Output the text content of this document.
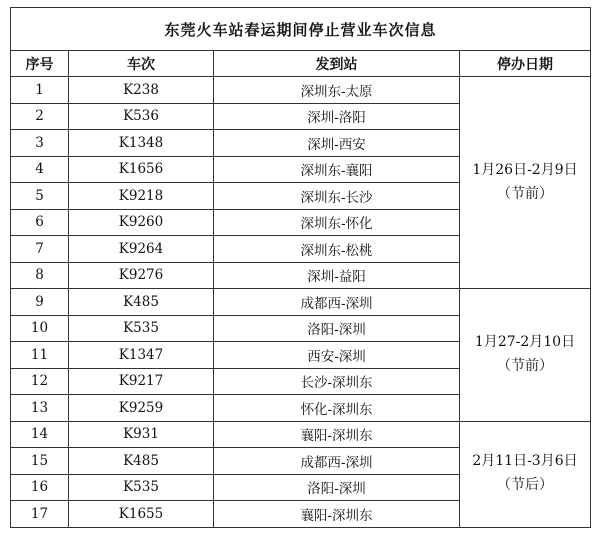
东莞火车站春运期间停止营业车次信息			
序号	车次	发到站	停办日期
1	K238	深圳东-太原	1月26日-2月9日（节前）
2	K536	深圳-洛阳	
3	K1348	深圳-西安	
4	K1656	深圳东-襄阳	
5	K9218	深圳东-长沙	
6	K9260	深圳东-怀化	
7	K9264	深圳东-松桃	
8	K9276	深圳-益阳	
9	K485	成都西-深圳	1月27-2月10日（节前）
10	K535	洛阳-深圳	
11	K1347	西安-深圳	
12	K9217	长沙-深圳东	
13	K9259	怀化-深圳东	
14	K931	襄阳-深圳东	2月11日-3月6日（节后）
15	K485	成都西-深圳	
16	K535	洛阳-深圳	
17	K1655	襄阳-深圳东	
